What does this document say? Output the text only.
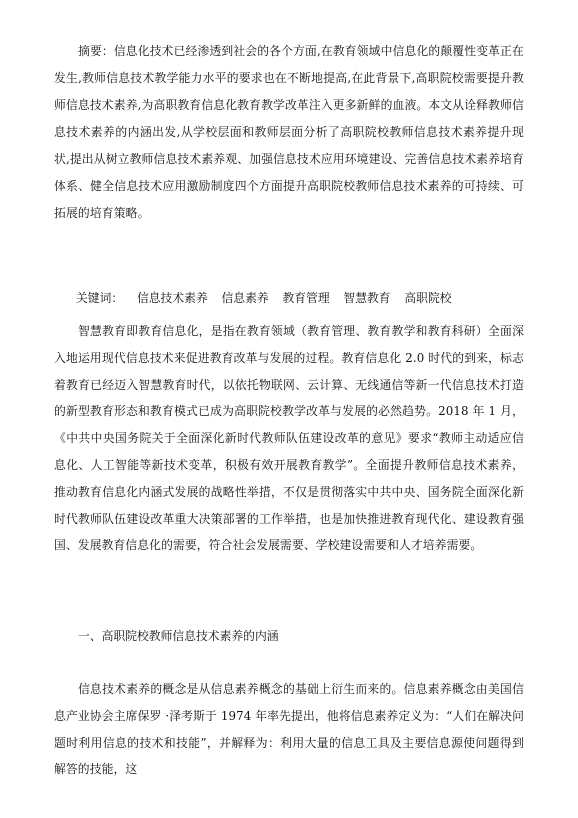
摘要：信息化技术已经渗透到社会的各个方面,在教育领域中信息化的颠覆性变革正在发生,教师信息技术教学能力水平的要求也在不断地提高,在此背景下,高职院校需要提升教师信息技术素养,为高职教育信息化教育教学改革注入更多新鲜的血液。本文从诠释教师信息技术素养的内涵出发,从学校层面和教师层面分析了高职院校教师信息技术素养提升现状,提出从树立教师信息技术素养观、加强信息技术应用环境建设、完善信息技术素养培育体系、健全信息技术应用激励制度四个方面提升高职院校教师信息技术素养的可持续、可拓展的培育策略。
关键词： 信息技术素养 信息素养 教育管理 智慧教育 高职院校
智慧教育即教育信息化，是指在教育领域（教育管理、教育教学和教育科研）全面深入地运用现代信息技术来促进教育改革与发展的过程。教育信息化 2.0 时代的到来，标志着教育已经迈入智慧教育时代，以依托物联网、云计算、无线通信等新一代信息技术打造的新型教育形态和教育模式已成为高职院校教学改革与发展的必然趋势。2018 年 1 月，《中共中央国务院关于全面深化新时代教师队伍建设改革的意见》要求“教师主动适应信息化、人工智能等新技术变革，积极有效开展教育教学”。全面提升教师信息技术素养，推动教育信息化内涵式发展的战略性举措，不仅是贯彻落实中共中央、国务院全面深化新时代教师队伍建设改革重大决策部署的工作举措，也是加快推进教育现代化、建设教育强国、发展教育信息化的需要，符合社会发展需要、学校建设需要和人才培养需要。
一、高职院校教师信息技术素养的内涵
信息技术素养的概念是从信息素养概念的基础上衍生而来的。信息素养概念由美国信息产业协会主席保罗 ·泽考斯于 1974 年率先提出，他将信息素养定义为：“人们在解决问题时利用信息的技术和技能”，并解释为：利用大量的信息工具及主要信息源使问题得到解答的技能，这
